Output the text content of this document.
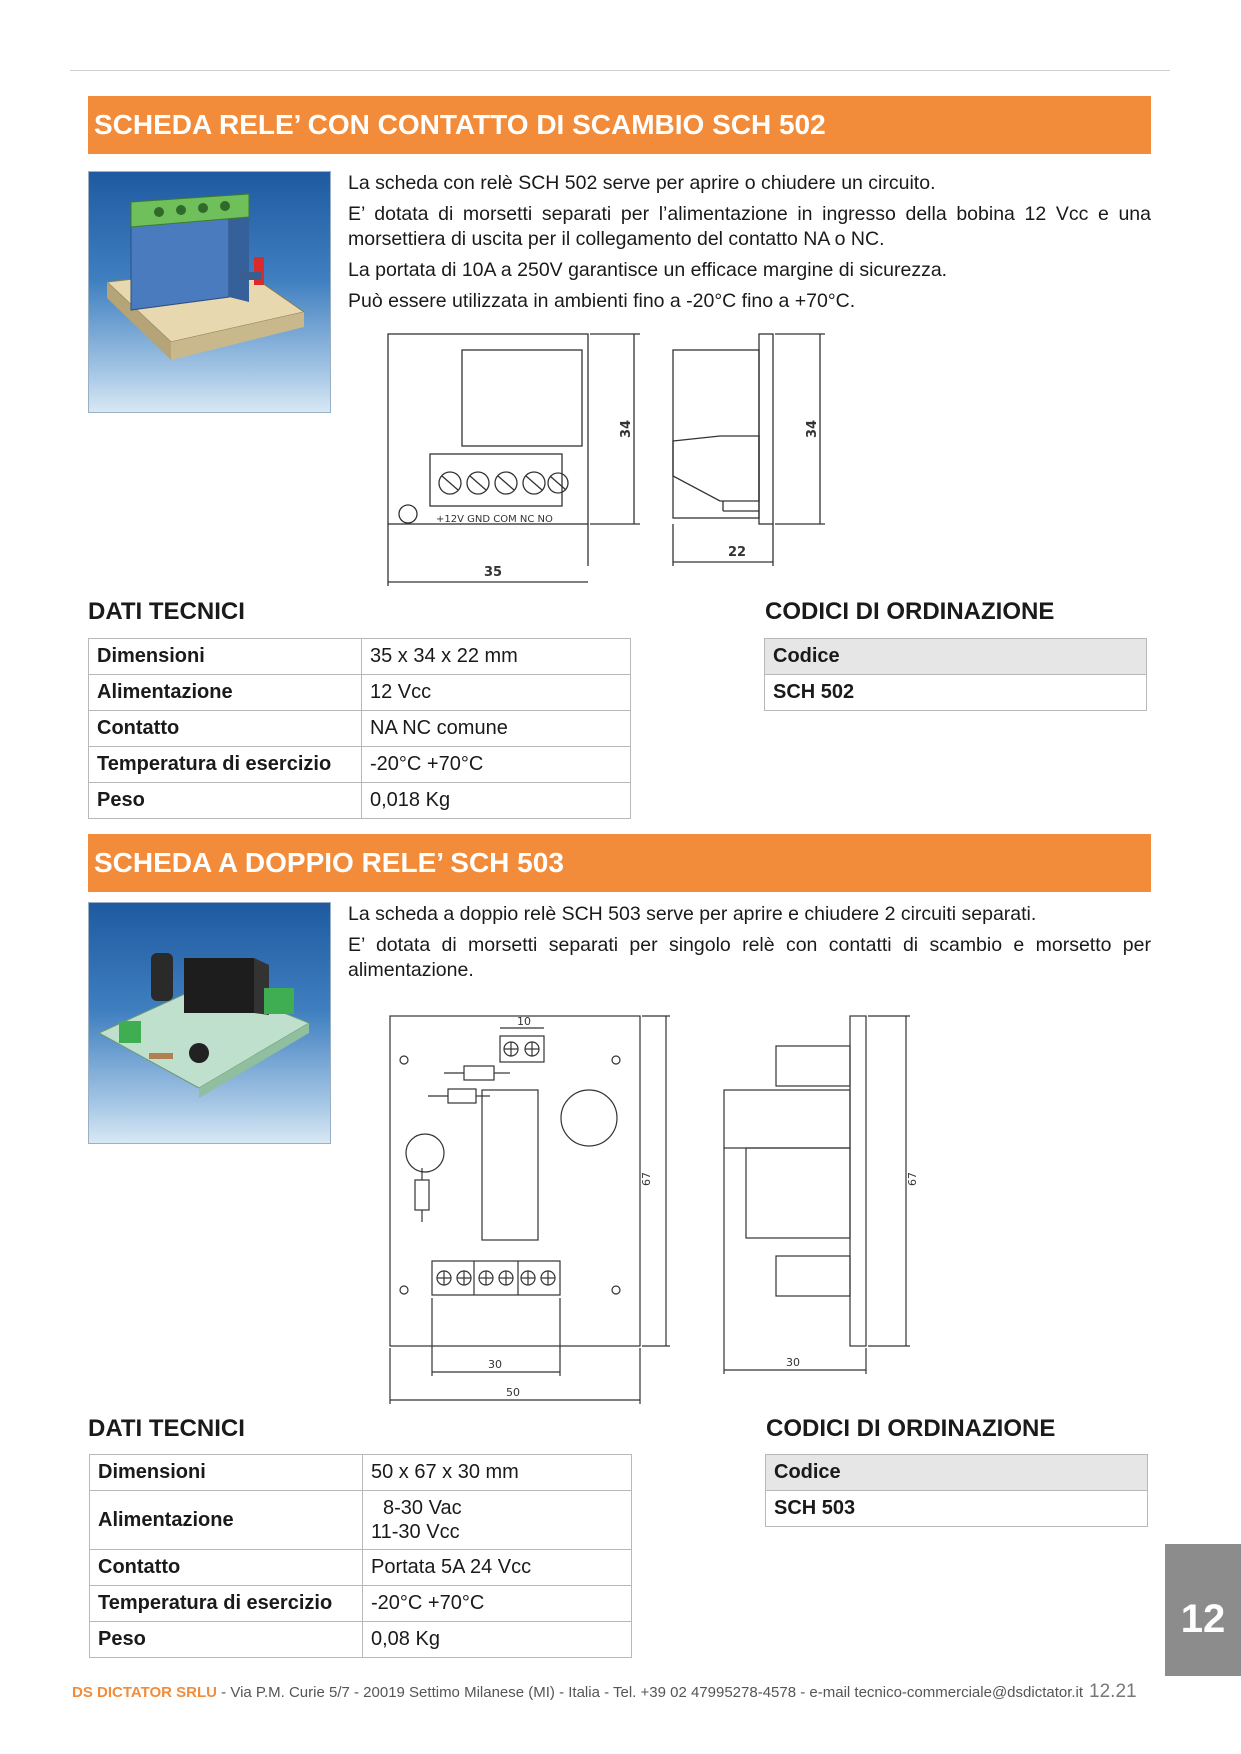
SCHEDA RELE’ CON CONTATTO DI SCAMBIO SCH 502

La scheda con relè SCH 502 serve per aprire o chiudere un circuito.

E’ dotata di morsetti separati per l’alimentazione in ingresso della bobina 12 Vcc e una morsettiera di uscita per il collegamento del contatto NA o NC.

La portata di 10A a 250V garantisce un efficace margine di sicurezza.

Può essere utilizzata in ambienti fino a -20°C fino a +70°C.

+12V GND COM NC NO
35
34
22
34
DATI TECNICI	CODICI DI ORDINAZIONE
Dimensioni	35 x 34 x 22 mm
Alimentazione	12 Vcc
Contatto	NA NC comune
Temperatura di esercizio	-20°C +70°C
Peso	0,018 Kg
Codice
SCH 502
SCHEDA A DOPPIO RELE’ SCH 503

La scheda a doppio relè SCH 503 serve per aprire e chiudere 2 circuiti separati.

E’ dotata di morsetti separati per singolo relè con contatti di scambio e morsetto per alimentazione.

10
67
30
50
30
67
DATI TECNICI	CODICI DI ORDINAZIONE
Dimensioni	50 x 67 x 30 mm
Alimentazione	8-30 Vac
11-30 Vcc

Contatto	Portata 5A 24 Vcc
Temperatura di esercizio	-20°C +70°C
Peso	0,08 Kg
Codice
SCH 503
12
DS DICTATOR SRLU - Via P.M. Curie 5/7 - 20019 Settimo Milanese (MI) - Italia - Tel. +39 02 47995278-4578 - e-mail tecnico-commerciale@dsdictator.it 12.21
